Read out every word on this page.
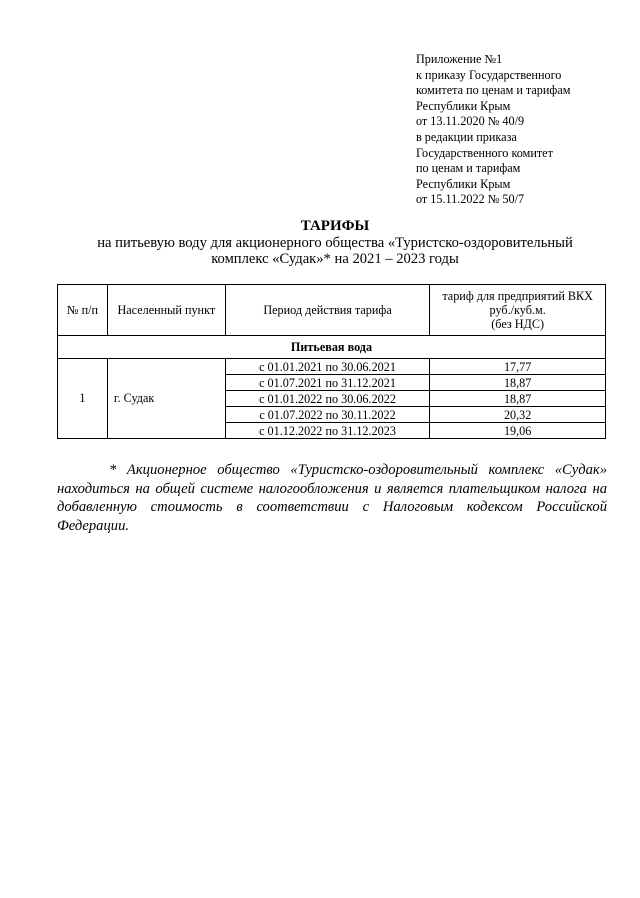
Приложение №1
к приказу Государственного
комитета по ценам и тарифам
Республики Крым
от 13.11.2020 № 40/9
в редакции приказа
Государственного комитет
по ценам и тарифам
Республики Крым
от 15.11.2022 № 50/7
ТАРИФЫ
на питьевую воду для акционерного общества «Туристско-оздоровительный
комплекс «Судак»* на 2021 – 2023 годы
№ п/п	Населенный пункт	Период действия тарифа	тариф для предприятий ВКХ
руб./куб.м.
(без НДС)

Питьевая вода			
1	г. Судак	с 01.01.2021 по 30.06.2021	17,77
		с 01.07.2021 по 31.12.2021	18,87
		с 01.01.2022 по 30.06.2022	18,87
		с 01.07.2022 по 30.11.2022	20,32
		с 01.12.2022 по 31.12.2023	19,06
* Акционерное общество «Туристско-оздоровительный комплекс «Судак» находиться на общей системе налогообложения и является плательщиком налога на добавленную стоимость в соответствии с Налоговым кодексом Российской Федерации.
